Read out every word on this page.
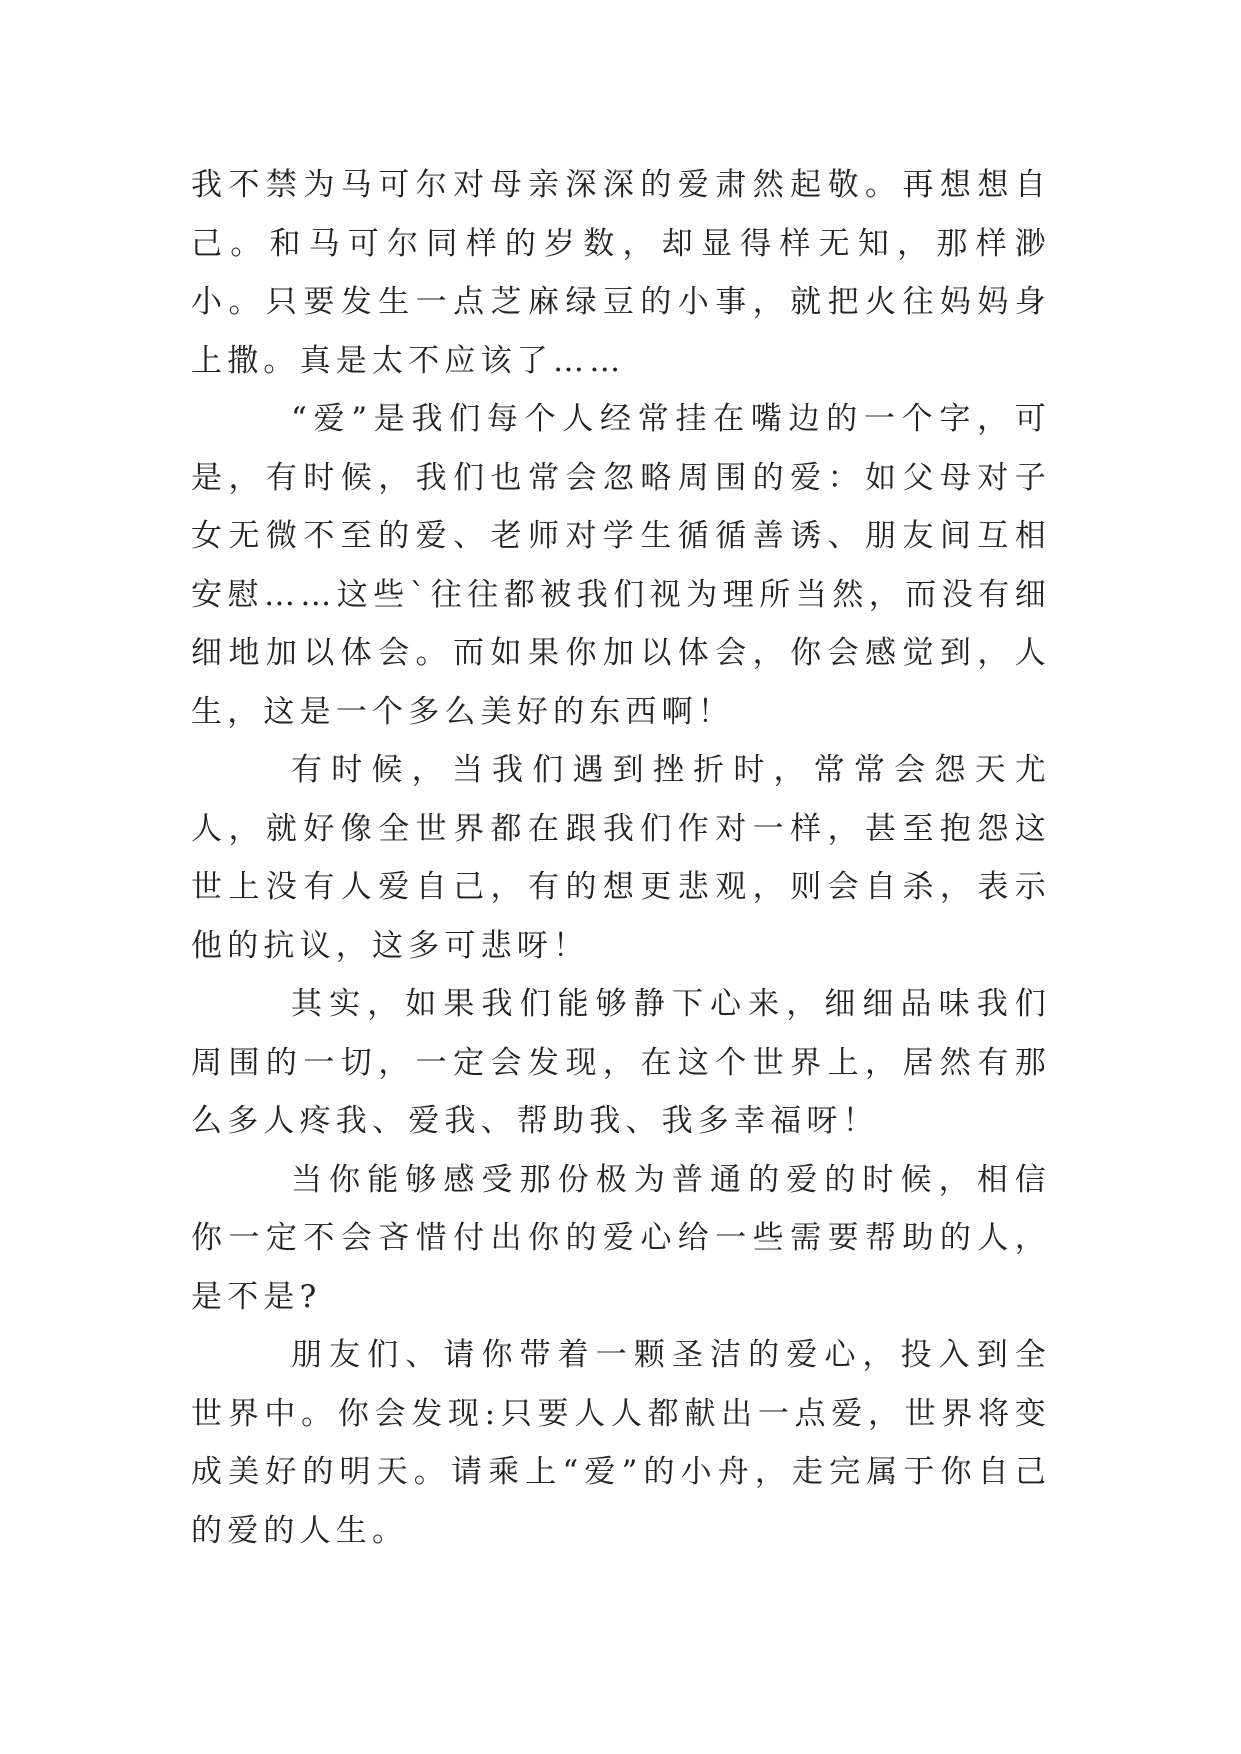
我不禁为马可尔对母亲深深的爱肃然起敬。再想想自己。和马可尔同样的岁数，却显得样无知，那样渺小。只要发生一点芝麻绿豆的小事，就把火往妈妈身上撒。真是太不应该了……

“爱”是我们每个人经常挂在嘴边的一个字，可是，有时候，我们也常会忽略周围的爱：如父母对子女无微不至的爱、老师对学生循循善诱、朋友间互相安慰……这些`往往都被我们视为理所当然，而没有细细地加以体会。而如果你加以体会，你会感觉到，人生，这是一个多么美好的东西啊！

有时候，当我们遇到挫折时，常常会怨天尤人，就好像全世界都在跟我们作对一样，甚至抱怨这世上没有人爱自己，有的想更悲观，则会自杀，表示他的抗议，这多可悲呀！

其实，如果我们能够静下心来，细细品味我们周围的一切，一定会发现，在这个世界上，居然有那么多人疼我、爱我、帮助我、我多幸福呀！

当你能够感受那份极为普通的爱的时候，相信你一定不会吝惜付出你的爱心给一些需要帮助的人，是不是?

朋友们、请你带着一颗圣洁的爱心，投入到全世界中。你会发现:只要人人都献出一点爱，世界将变成美好的明天。请乘上“爱”的小舟，走完属于你自己的爱的人生。
